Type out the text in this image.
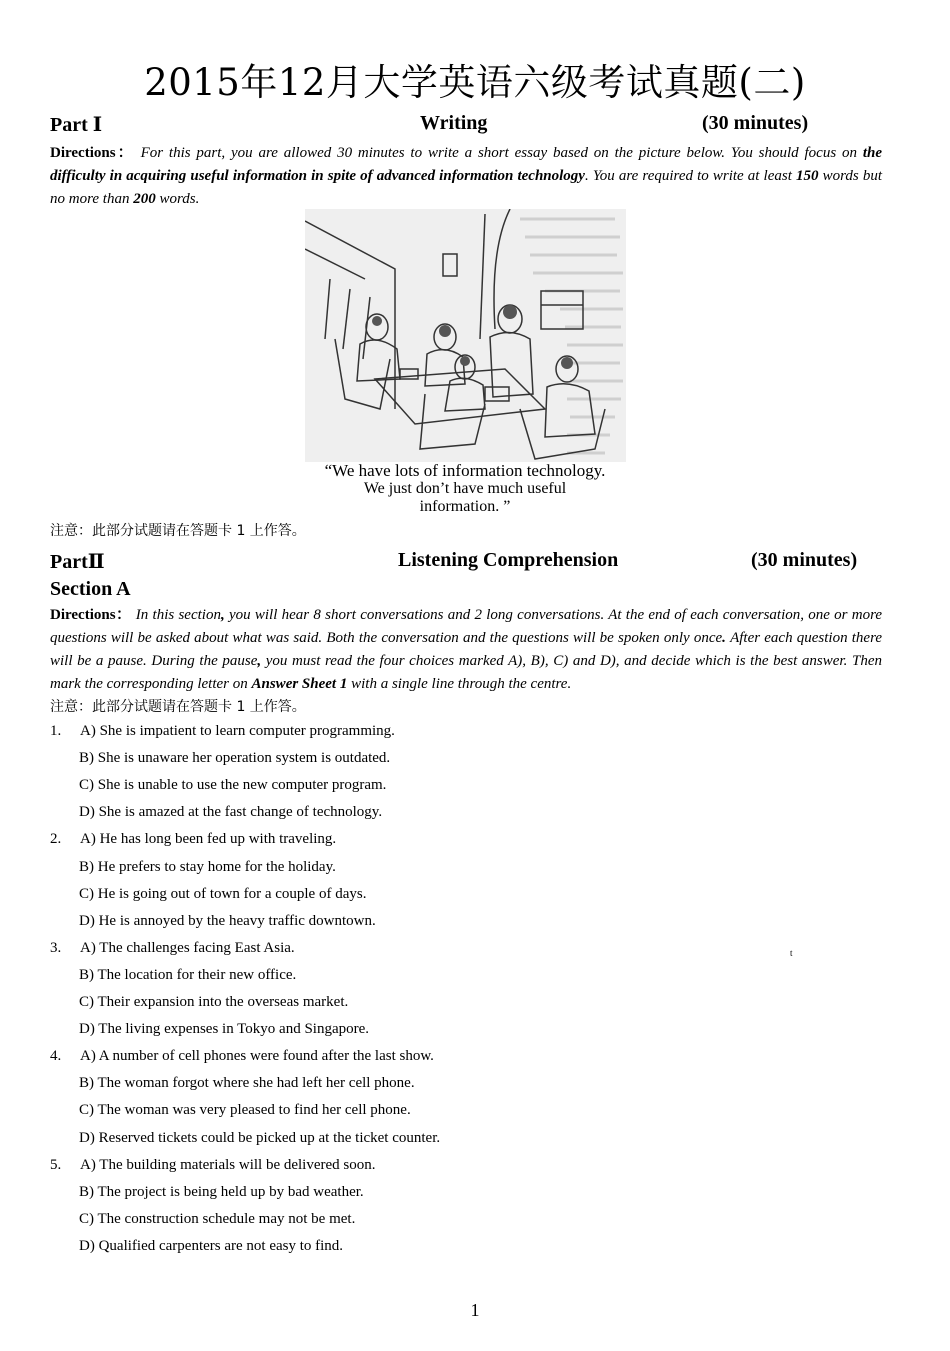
2015年12月大学英语六级考试真题(二)
Part Ⅰ	Writing	(30 minutes)
Directions： For this part, you are allowed 30 minutes to write a short essay based on the picture below. You should focus on the difficulty in acquiring useful information in spite of advanced information technology. You are required to write at least 150 words but no more than 200 words.
“We have lots of information technology.
We just don’t have much useful
information. ”
注意：此部分试题请在答题卡 1 上作答。
PartⅡ	Listening Comprehension	(30 minutes)
Section A
Directions： In this section, you will hear 8 short conversations and 2 long conversations. At the end of each conversation, one or more questions will be asked about what was said. Both the conversation and the questions will be spoken only once. After each question there will be a pause. During the pause, you must read the four choices marked A), B), C) and D), and decide which is the best answer. Then mark the corresponding letter on Answer Sheet 1 with a single line through the centre.
注意：此部分试题请在答题卡 1 上作答。
1. A) She is impatient to learn computer programming.
B) She is unaware her operation system is outdated.
C) She is unable to use the new computer program.
D) She is amazed at the fast change of technology.
2. A) He has long been fed up with traveling.
B) He prefers to stay home for the holiday.
C) He is going out of town for a couple of days.
D) He is annoyed by the heavy traffic downtown.
3. A) The challenges facing East Asia.
B) The location for their new office.
C) Their expansion into the overseas market.
D) The living expenses in Tokyo and Singapore.
4. A) A number of cell phones were found after the last show.
B) The woman forgot where she had left her cell phone.
C) The woman was very pleased to find her cell phone.
D) Reserved tickets could be picked up at the ticket counter.
5. A) The building materials will be delivered soon.
B) The project is being held up by bad weather.
C) The construction schedule may not be met.
D) Qualified carpenters are not easy to find.
t
1
